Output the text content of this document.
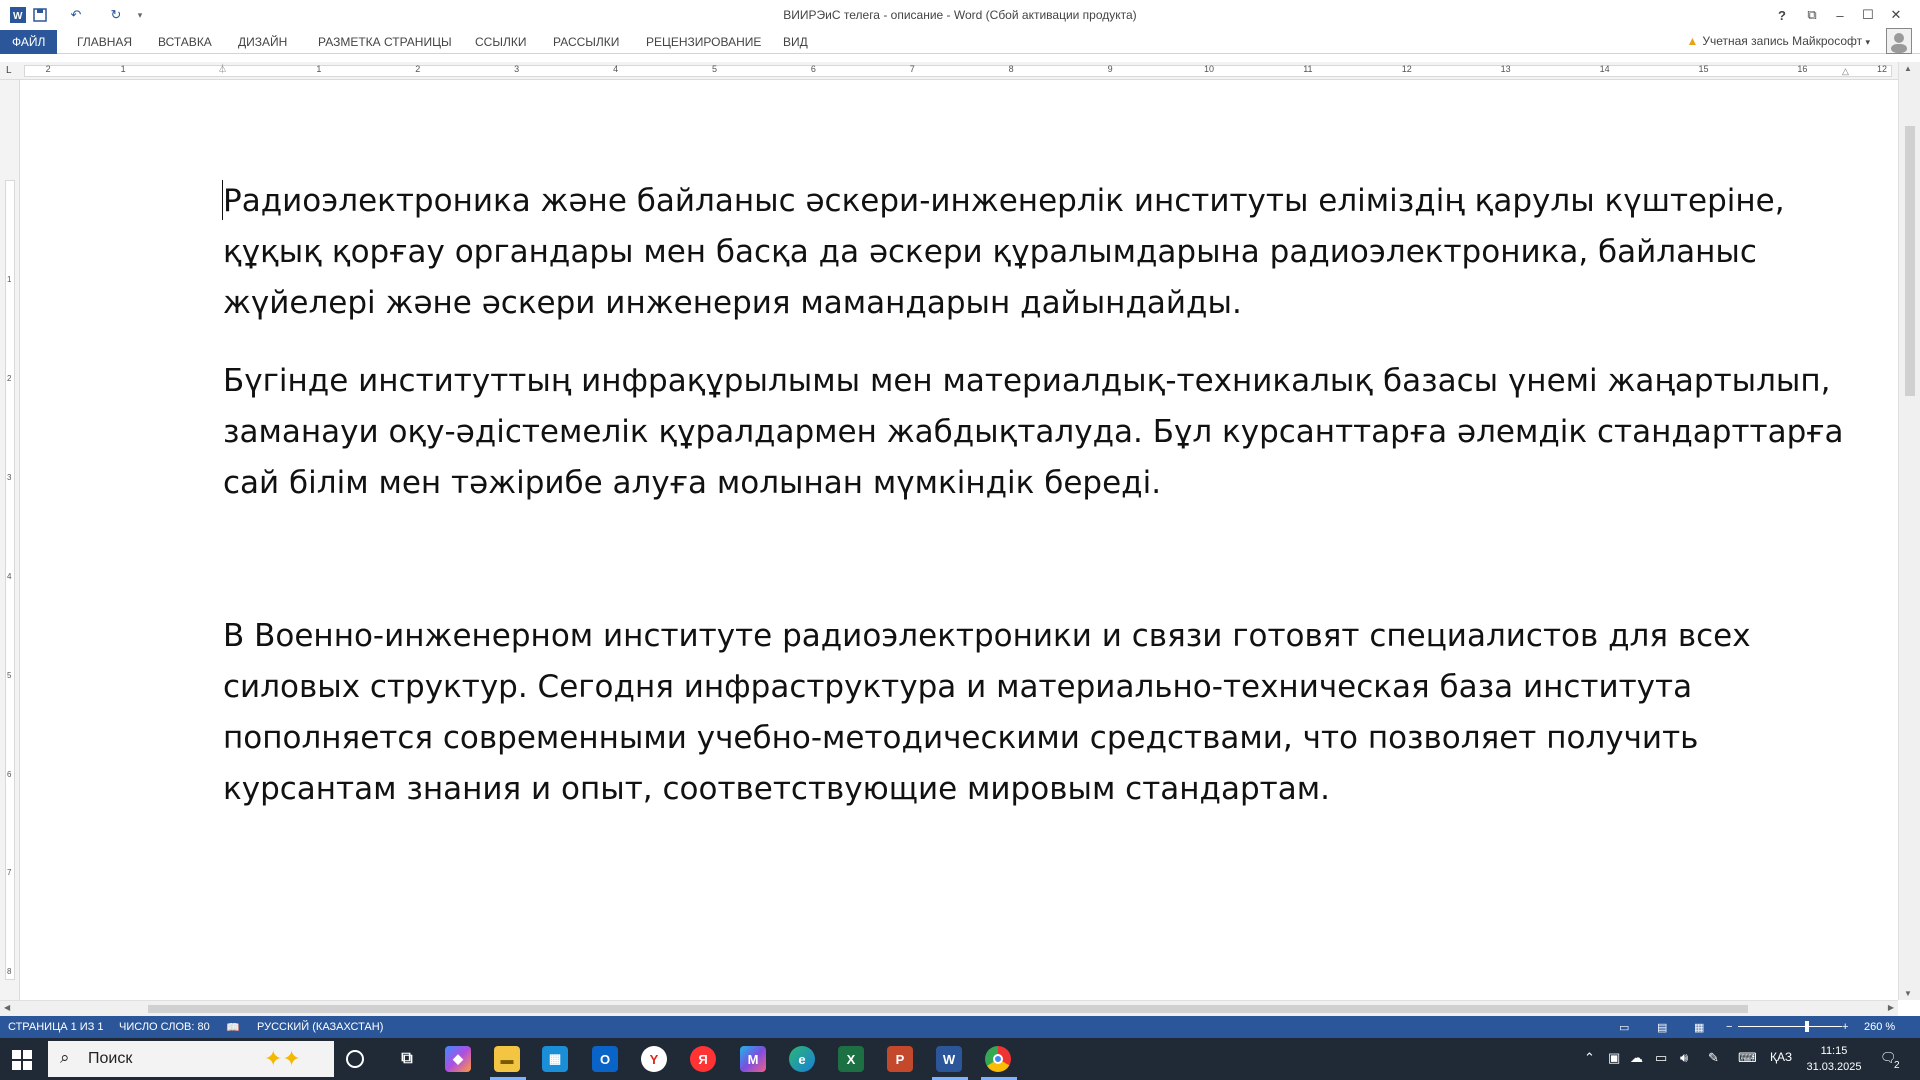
W	↶	↻	▾	ВИИРЭиС телега - описание - Word (Сбой активации продукта)	?	⧉	–	☐	✕
ФАЙЛ	ГЛАВНАЯ ВСТАВКА ДИЗАЙН	РАЗМЕТКА СТРАНИЦЫ ССЫЛКИ РАССЫЛКИ РЕЦЕНЗИРОВАНИЕ ВИД	▲ Учетная запись Майкрософт ▾
L	2	1	1	2	3	4	5	6	7	8	9	10	11	12	13	14	15	16	12
⏃	△
1
2
3
4
5
6
7
8
Радиоэлектроника және байланыс әскери-инженерлік институты еліміздің қарулы күштеріне, құқық қорғау органдары мен басқа да әскери құралымдарына радиоэлектроника, байланыс жүйелері және әскери инженерия мамандарын дайындайды.
Бүгінде институттың инфрақұрылымы мен материалдық-техникалық базасы үнемі жаңартылып, заманауи оқу-әдістемелік құралдармен жабдықталуда. Бұл курсанттарға әлемдік стандарттарға сай білім мен тәжірибе алуға молынан мүмкіндік береді.
В Военно-инженерном институте радиоэлектроники и связи готовят специалистов для всех силовых структур. Сегодня инфраструктура и материально-техническая база института пополняется современными учебно-методическими средствами, что позволяет получить курсантам знания и опыт, соответствующие мировым стандартам.
▲
▼
◀	▶
СТРАНИЦА 1 ИЗ 1 ЧИСЛО СЛОВ: 80 📖 РУССКИЙ (КАЗАХСТАН)	▭	▤ ▦ −	+ 260 %
⌕ Поиск	✦✦	⧉	◆	▬	▦	O	Y	Я	M	e	X	P	W	⌃ ▣ ☁ ▭ 🔊︎ ✎ ⌨ ҚАЗ	11:15
31.03.2025
🗨︎
2
